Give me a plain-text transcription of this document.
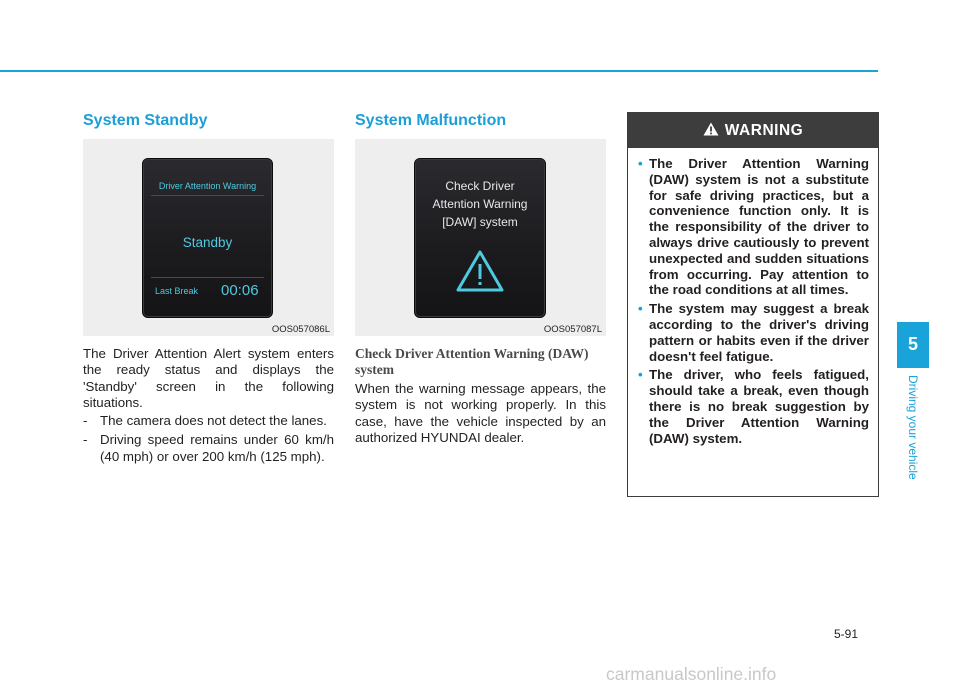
System Standby
Driver Attention Warning
Standby
Last Break 00:06
OOS057086L
The Driver Attention Alert system enters the ready status and displays the 'Standby' screen in the following situations.
- The camera does not detect the lanes.
- Driving speed remains under 60 km/h (40 mph) or over 200 km/h (125 mph).
System Malfunction
Check Driver
Attention Warning
[DAW] system
OOS057087L
Check Driver Attention Warning (DAW) system
When the warning message appears, the system is not working properly. In this case, have the vehicle inspected by an authorized HYUNDAI dealer.
WARNING
• The Driver Attention Warning (DAW) system is not a substitute for safe driving practices, but a convenience function only. It is the responsibility of the driver to always drive cautiously to prevent unexpected and sudden situations from occurring. Pay attention to the road conditions at all times.
• The system may suggest a break according to the driver's driving pattern or habits even if the driver doesn't feel fatigue.
• The driver, who feels fatigued, should take a break, even though there is no break suggestion by the Driver Attention Warning (DAW) system.
5
Driving your vehicle
5-91
carmanualsonline.info
